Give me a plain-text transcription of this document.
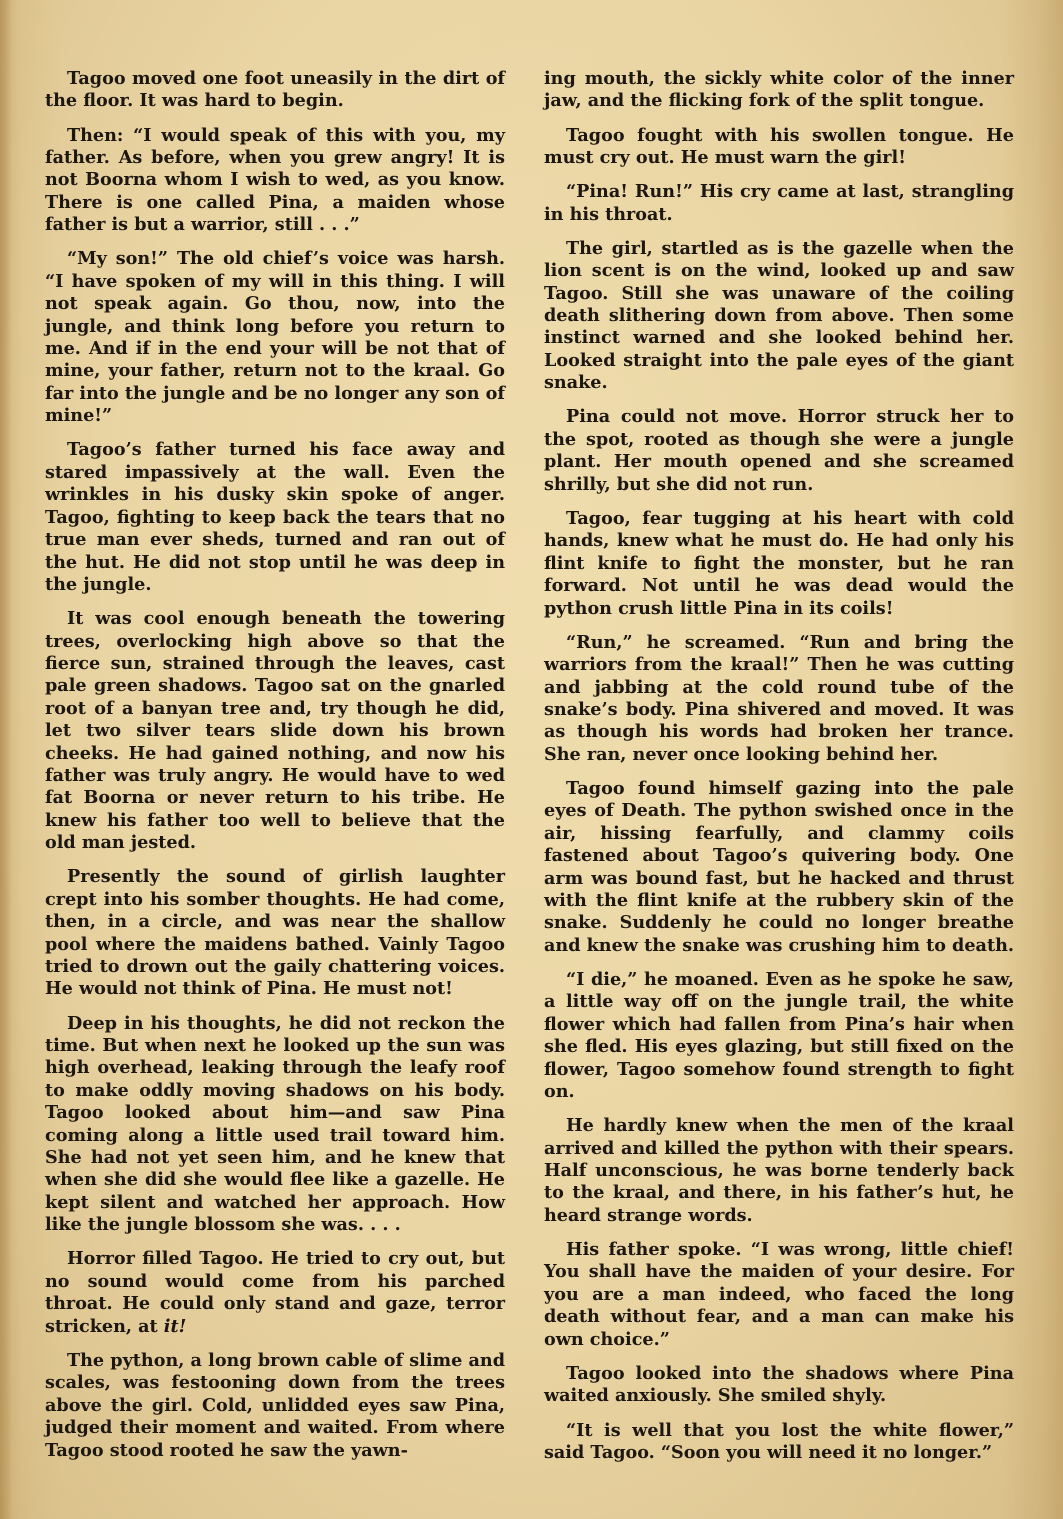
Tagoo moved one foot uneasily in the dirt of the floor. It was hard to begin.

Then: “I would speak of this with you, my father. As before, when you grew angry! It is not Boorna whom I wish to wed, as you know. There is one called Pina, a maiden whose father is but a warrior, still . . .”

“My son!” The old chief’s voice was harsh. “I have spoken of my will in this thing. I will not speak again. Go thou, now, into the jungle, and think long before you return to me. And if in the end your will be not that of mine, your father, return not to the kraal. Go far into the jungle and be no longer any son of mine!”

Tagoo’s father turned his face away and stared impassively at the wall. Even the wrinkles in his dusky skin spoke of anger. Tagoo, fighting to keep back the tears that no true man ever sheds, turned and ran out of the hut. He did not stop until he was deep in the jungle.

It was cool enough beneath the towering trees, overlocking high above so that the fierce sun, strained through the leaves, cast pale green shadows. Tagoo sat on the gnarled root of a banyan tree and, try though he did, let two silver tears slide down his brown cheeks. He had gained nothing, and now his father was truly angry. He would have to wed fat Boorna or never return to his tribe. He knew his father too well to believe that the old man jested.

Presently the sound of girlish laughter crept into his somber thoughts. He had come, then, in a circle, and was near the shallow pool where the maidens bathed. Vainly Tagoo tried to drown out the gaily chattering voices. He would not think of Pina. He must not!

Deep in his thoughts, he did not reckon the time. But when next he looked up the sun was high overhead, leaking through the leafy roof to make oddly moving shadows on his body. Tagoo looked about him—and saw Pina coming along a little used trail toward him. She had not yet seen him, and he knew that when she did she would flee like a gazelle. He kept silent and watched her approach. How like the jungle blossom she was. . . .

Horror filled Tagoo. He tried to cry out, but no sound would come from his parched throat. He could only stand and gaze, terror stricken, at it!

The python, a long brown cable of slime and scales, was festooning down from the trees above the girl. Cold, unlidded eyes saw Pina, judged their moment and waited. From where Tagoo stood rooted he saw the yawn-

ing mouth, the sickly white color of the inner jaw, and the flicking fork of the split tongue.

Tagoo fought with his swollen tongue. He must cry out. He must warn the girl!

“Pina! Run!” His cry came at last, strangling in his throat.

The girl, startled as is the gazelle when the lion scent is on the wind, looked up and saw Tagoo. Still she was unaware of the coiling death slithering down from above. Then some instinct warned and she looked behind her. Looked straight into the pale eyes of the giant snake.

Pina could not move. Horror struck her to the spot, rooted as though she were a jungle plant. Her mouth opened and she screamed shrilly, but she did not run.

Tagoo, fear tugging at his heart with cold hands, knew what he must do. He had only his flint knife to fight the monster, but he ran forward. Not until he was dead would the python crush little Pina in its coils!

“Run,” he screamed. “Run and bring the warriors from the kraal!” Then he was cutting and jabbing at the cold round tube of the snake’s body. Pina shivered and moved. It was as though his words had broken her trance. She ran, never once looking behind her.

Tagoo found himself gazing into the pale eyes of Death. The python swished once in the air, hissing fearfully, and clammy coils fastened about Tagoo’s quivering body. One arm was bound fast, but he hacked and thrust with the flint knife at the rubbery skin of the snake. Suddenly he could no longer breathe and knew the snake was crushing him to death.

“I die,” he moaned. Even as he spoke he saw, a little way off on the jungle trail, the white flower which had fallen from Pina’s hair when she fled. His eyes glazing, but still fixed on the flower, Tagoo somehow found strength to fight on.

He hardly knew when the men of the kraal arrived and killed the python with their spears. Half unconscious, he was borne tenderly back to the kraal, and there, in his father’s hut, he heard strange words.

His father spoke. “I was wrong, little chief! You shall have the maiden of your desire. For you are a man indeed, who faced the long death without fear, and a man can make his own choice.”

Tagoo looked into the shadows where Pina waited anxiously. She smiled shyly.

“It is well that you lost the white flower,” said Tagoo. “Soon you will need it no longer.”
